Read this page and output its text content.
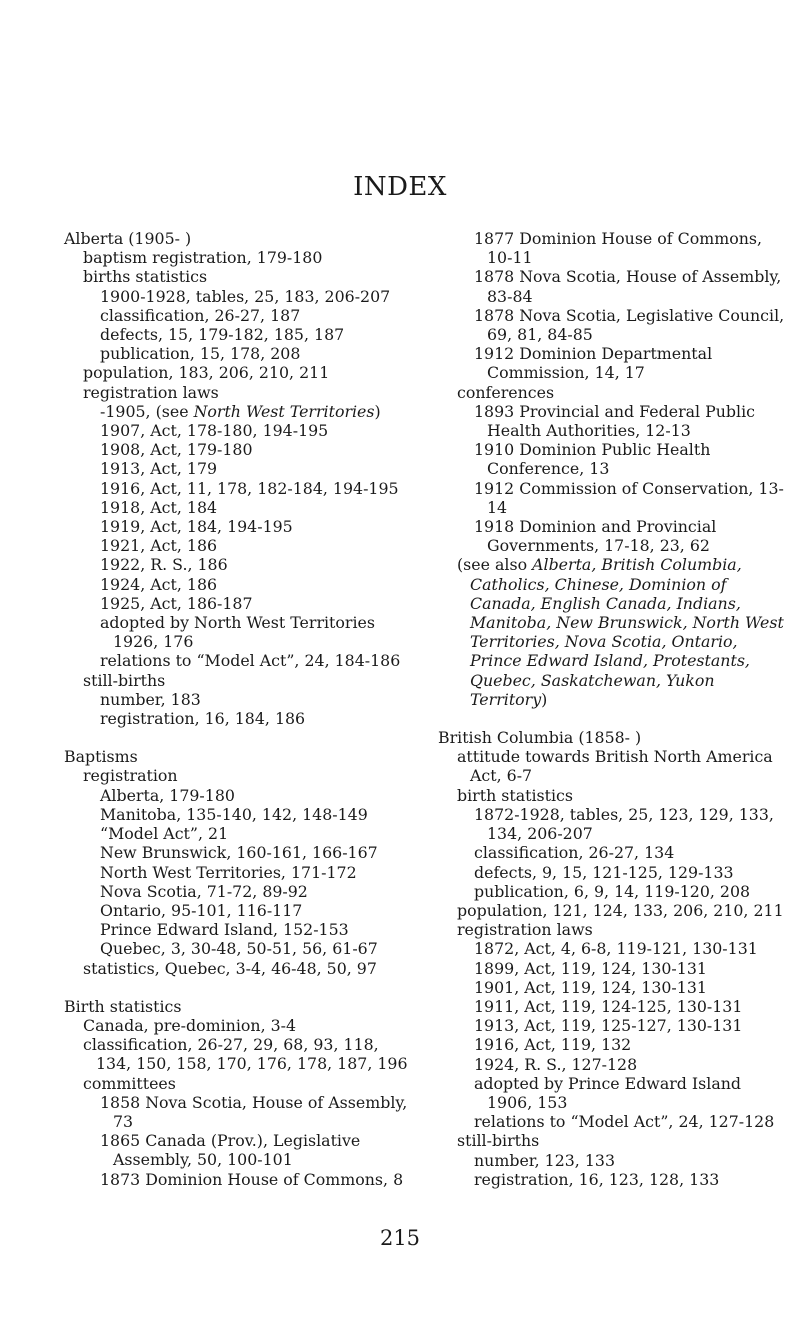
INDEX
Alberta (1905- )
baptism registration, 179-180
births statistics
1900-1928, tables, 25, 183, 206-207
classification, 26-27, 187
defects, 15, 179-182, 185, 187
publication, 15, 178, 208
population, 183, 206, 210, 211
registration laws
-1905, (see North West Territories)
1907, Act, 178-180, 194-195
1908, Act, 179-180
1913, Act, 179
1916, Act, 11, 178, 182-184, 194-195
1918, Act, 184
1919, Act, 184, 194-195
1921, Act, 186
1922, R. S., 186
1924, Act, 186
1925, Act, 186-187
adopted by North West Territories 1926, 176
relations to “Model Act”, 24, 184-186
still-births
number, 183
registration, 16, 184, 186
Baptisms
registration
Alberta, 179-180
Manitoba, 135-140, 142, 148-149
“Model Act”, 21
New Brunswick, 160-161, 166-167
North West Territories, 171-172
Nova Scotia, 71-72, 89-92
Ontario, 95-101, 116-117
Prince Edward Island, 152-153
Quebec, 3, 30-48, 50-51, 56, 61-67
statistics, Quebec, 3-4, 46-48, 50, 97
Birth statistics
Canada, pre-dominion, 3-4
classification, 26-27, 29, 68, 93, 118, 134, 150, 158, 170, 176, 178, 187, 196
committees
1858 Nova Scotia, House of Assembly, 73
1865 Canada (Prov.), Legislative Assembly, 50, 100-101
1873 Dominion House of Commons, 8
1877 Dominion House of Commons, 10-11
1878 Nova Scotia, House of Assembly, 83-84
1878 Nova Scotia, Legislative Council, 69, 81, 84-85
1912 Dominion Departmental Commission, 14, 17
conferences
1893 Provincial and Federal Public Health Authorities, 12-13
1910 Dominion Public Health Conference, 13
1912 Commission of Conservation, 13-14
1918 Dominion and Provincial Governments, 17-18, 23, 62
(see also Alberta, British Columbia, Catholics, Chinese, Dominion of Canada, English Canada, Indians, Manitoba, New Brunswick, North West Territories, Nova Scotia, Ontario, Prince Edward Island, Protestants, Quebec, Saskatchewan, Yukon Territory)
British Columbia (1858- )
attitude towards British North America Act, 6-7
birth statistics
1872-1928, tables, 25, 123, 129, 133, 134, 206-207
classification, 26-27, 134
defects, 9, 15, 121-125, 129-133
publication, 6, 9, 14, 119-120, 208
population, 121, 124, 133, 206, 210, 211
registration laws
1872, Act, 4, 6-8, 119-121, 130-131
1899, Act, 119, 124, 130-131
1901, Act, 119, 124, 130-131
1911, Act, 119, 124-125, 130-131
1913, Act, 119, 125-127, 130-131
1916, Act, 119, 132
1924, R. S., 127-128
adopted by Prince Edward Island 1906, 153
relations to “Model Act”, 24, 127-128
still-births
number, 123, 133
registration, 16, 123, 128, 133
215
